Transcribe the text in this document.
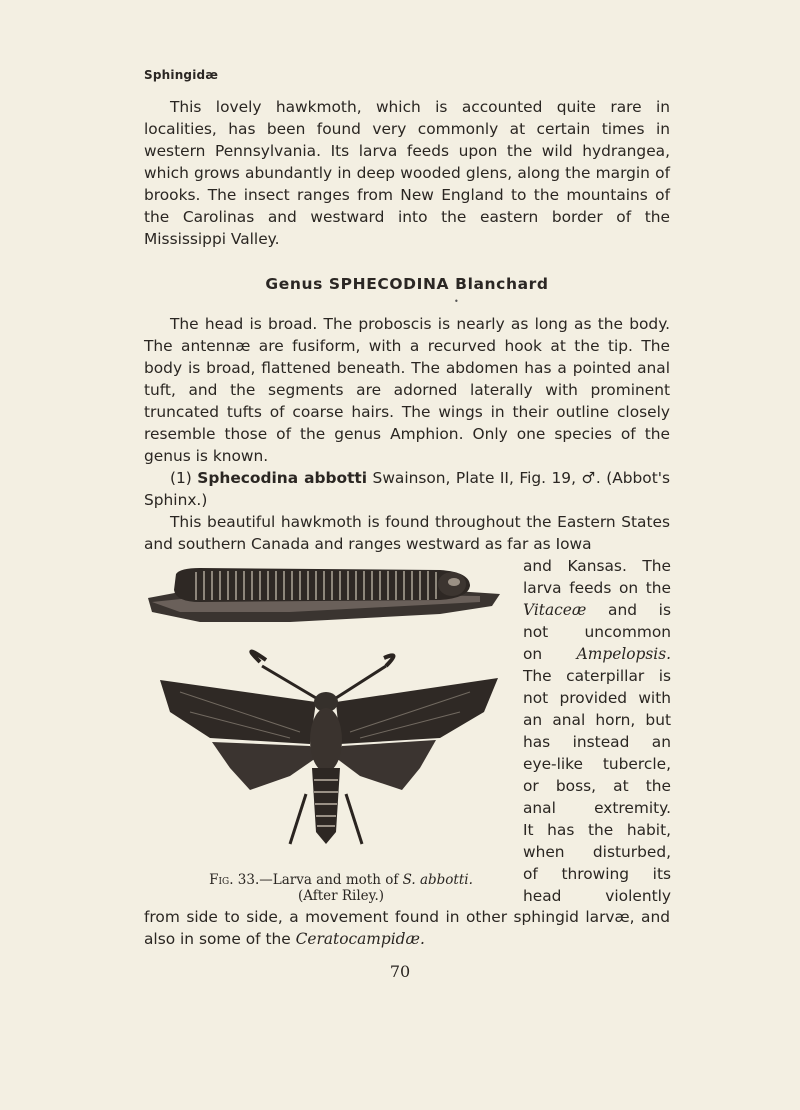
Sphingidæ

This lovely hawkmoth, which is accounted quite rare in localities, has been found very commonly at certain times in western Pennsylvania. Its larva feeds upon the wild hydrangea, which grows abundantly in deep wooded glens, along the margin of brooks. The insect ranges from New England to the mountains of the Carolinas and westward into the eastern border of the Mississippi Valley.

Genus SPHECODINA Blanchard
•

The head is broad. The proboscis is nearly as long as the body. The antennæ are fusiform, with a recurved hook at the tip. The body is broad, flattened beneath. The abdomen has a pointed anal tuft, and the segments are adorned laterally with prominent truncated tufts of coarse hairs. The wings in their outline closely resemble those of the genus Amphion. Only one species of the genus is known.

(1) Sphecodina abbotti Swainson, Plate II, Fig. 19, ♂. (Abbot's Sphinx.)

This beautiful hawkmoth is found throughout the Eastern States and southern Canada and ranges westward as far as Iowa

and Kansas. The
larva feeds on the
Vitaceæ and is
not uncommon
on Ampelopsis.
The caterpillar is
not provided with
an anal horn, but
has instead an
eye-like tubercle,
or boss, at the
anal extremity.
It has the habit,
when disturbed,
of throwing its
head violently
Fig. 33.—Larva and moth of S. abbotti.
(After Riley.)

from side to side, a movement found in other sphingid larvæ, and also in some of the Ceratocampidæ.

70
